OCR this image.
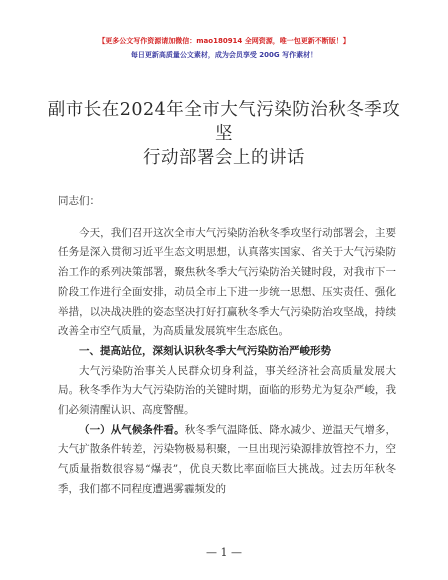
【更多公文写作资源请加微信：mao180914 全网资源，唯一包更新不断版！】
每日更新高质量公文素材，成为会员享受 200G 写作素材！
副市长在2024年全市大气污染防治秋冬季攻坚
行动部署会上的讲话

同志们：

今天，我们召开这次全市大气污染防治秋冬季攻坚行动部署会，主要任务是深入贯彻习近平生态文明思想，认真落实国家、省关于大气污染防治工作的系列决策部署，聚焦秋冬季大气污染防治关键时段，对我市下一阶段工作进行全面安排，动员全市上下进一步统一思想、压实责任、强化举措，以决战决胜的姿态坚决打好打赢秋冬季大气污染防治攻坚战，持续改善全市空气质量，为高质量发展筑牢生态底色。

一、提高站位，深刻认识秋冬季大气污染防治严峻形势

大气污染防治事关人民群众切身利益，事关经济社会高质量发展大局。秋冬季作为大气污染防治的关键时期，面临的形势尤为复杂严峻，我们必须清醒认识、高度警醒。

（一）从气候条件看。秋冬季气温降低、降水减少、逆温天气增多，大气扩散条件转差，污染物极易积聚，一旦出现污染源排放管控不力，空气质量指数很容易“爆表”，优良天数比率面临巨大挑战。过去历年秋冬季，我们都不同程度遭遇雾霾频发的

— 1 —
